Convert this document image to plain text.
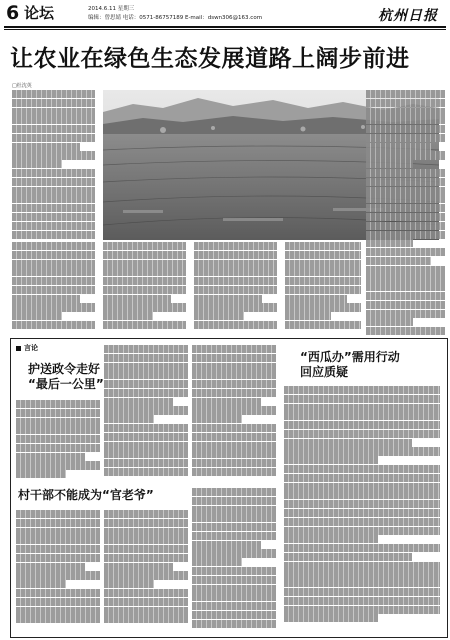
6 论坛	2014.6.11 星期三
编辑：曾思婧 电话：0571-86757189 E-mail：dswn306@163.com	杭州日报
让农业在绿色生态发展道路上阔步前进
□杜沈英
言论
护送政令走好
“最后一公里”
村干部不能成为“官老爷”
“西瓜办”需用行动
回应质疑
